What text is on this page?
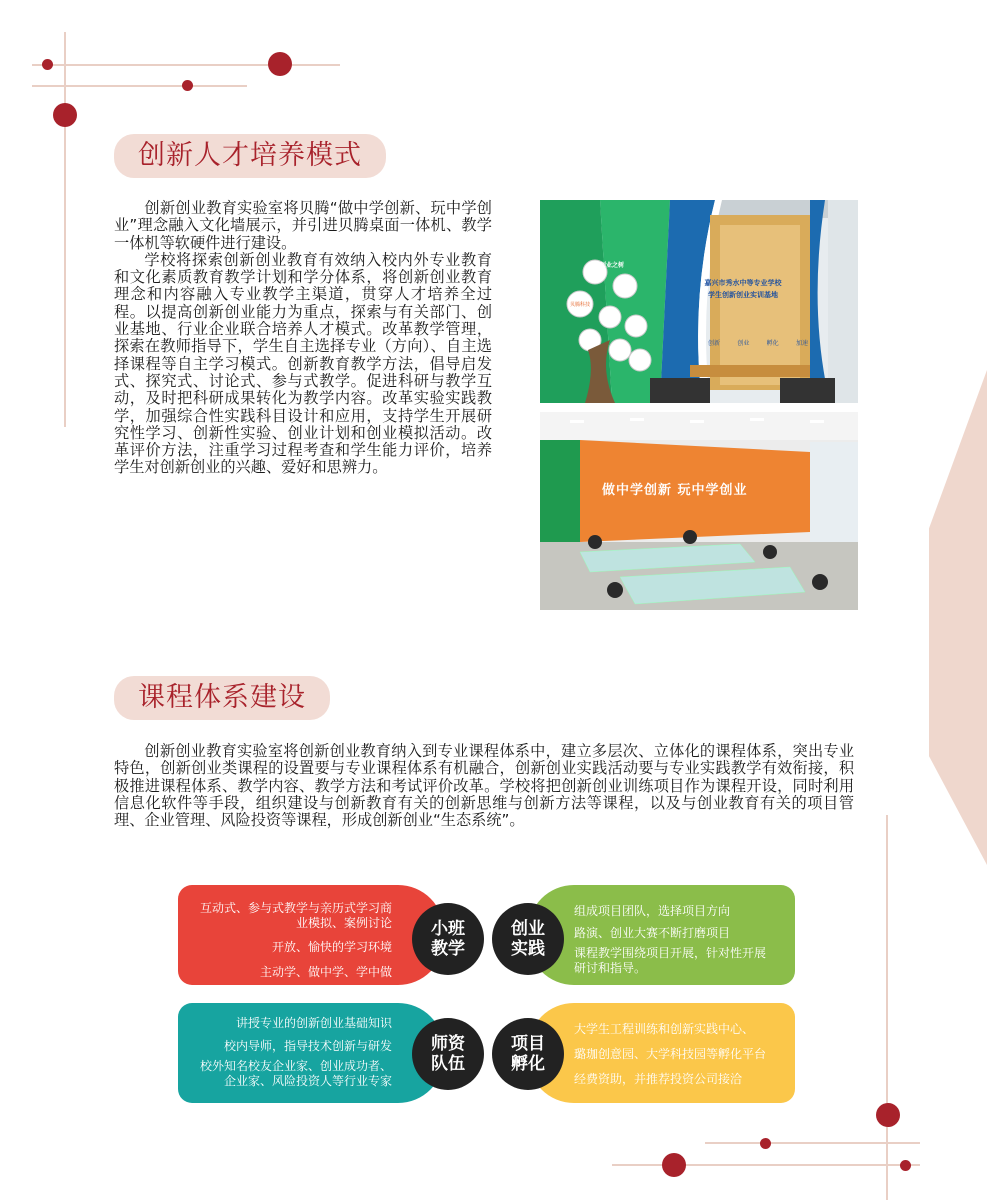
创新人才培养模式

创新创业教育实验室将贝腾“做中学创新、玩中学创业”理念融入文化墙展示，并引进贝腾桌面一体机、教学一体机等软硬件进行建设。

学校将探索创新创业教育有效纳入校内外专业教育和文化素质教育教学计划和学分体系，将创新创业教育理念和内容融入专业教学主渠道，贯穿人才培养全过程。以提高创新创业能力为重点，探索与有关部门、创业基地、行业企业联合培养人才模式。改革教学管理，探索在教师指导下，学生自主选择专业（方向）、自主选择课程等自主学习模式。创新教育教学方法，倡导启发式、探究式、讨论式、参与式教学。促进科研与教学互动，及时把科研成果转化为教学内容。改革实验实践教学，加强综合性实践科目设计和应用，支持学生开展研究性学习、创新性实验、创业计划和创业模拟活动。改革评价方法，注重学习过程考查和学生能力评价，培养学生对创新创业的兴趣、爱好和思辨力。

嘉兴市秀水中等专业学校
学生创新创业实训基地
创新	创业	孵化	加速
贝腾科技
创业之树
做中学创新 玩中学创业
课程体系建设

创新创业教育实验室将创新创业教育纳入到专业课程体系中，建立多层次、立体化的课程体系，突出专业特色，创新创业类课程的设置要与专业课程体系有机融合，创新创业实践活动要与专业实践教学有效衔接，积极推进课程体系、教学内容、教学方法和考试评价改革。学校将把创新创业训练项目作为课程开设，同时利用信息化软件等手段，组织建设与创新教育有关的创新思维与创新方法等课程，以及与创业教育有关的项目管理、企业管理、风险投资等课程，形成创新创业“生态系统”。

互动式、参与式教学与亲历式学习商
业模拟、案例讨论
开放、愉快的学习环境
主动学、做中学、学中做
组成项目团队，选择项目方向
路演、创业大赛不断打磨项目
课程教学围绕项目开展，针对性开展
研讨和指导。
讲授专业的创新创业基础知识
校内导师，指导技术创新与研发
校外知名校友企业家、创业成功者、
企业家、风险投资人等行业专家
大学生工程训练和创新实践中心、
璐珈创意园、大学科技园等孵化平台
经费资助，并推荐投资公司接洽
小班
教学
创业
实践
师资
队伍
项目
孵化
